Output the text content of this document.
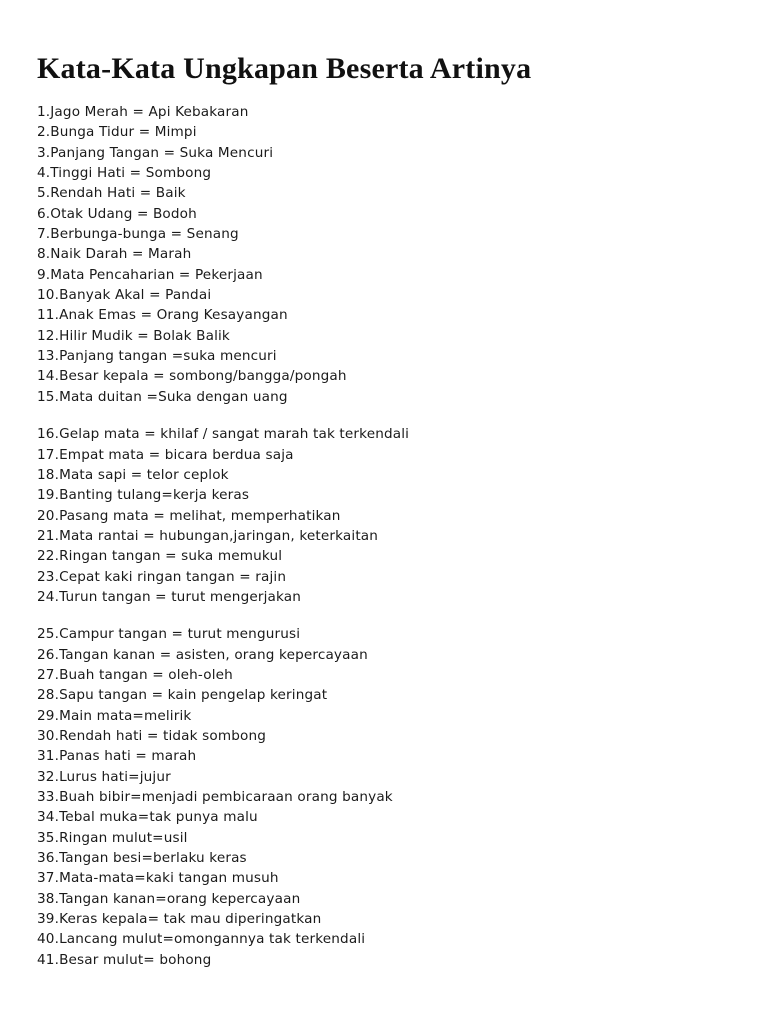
Kata-Kata Ungkapan Beserta Artinya
1.Jago Merah = Api Kebakaran
2.Bunga Tidur = Mimpi
3.Panjang Tangan = Suka Mencuri
4.Tinggi Hati = Sombong
5.Rendah Hati = Baik
6.Otak Udang = Bodoh
7.Berbunga-bunga = Senang
8.Naik Darah = Marah
9.Mata Pencaharian = Pekerjaan
10.Banyak Akal = Pandai
11.Anak Emas = Orang Kesayangan
12.Hilir Mudik = Bolak Balik
13.Panjang tangan =suka mencuri
14.Besar kepala = sombong/bangga/pongah
15.Mata duitan =Suka dengan uang
16.Gelap mata = khilaf / sangat marah tak terkendali
17.Empat mata = bicara berdua saja
18.Mata sapi = telor ceplok
19.Banting tulang=kerja keras
20.Pasang mata = melihat, memperhatikan
21.Mata rantai = hubungan,jaringan, keterkaitan
22.Ringan tangan = suka memukul
23.Cepat kaki ringan tangan = rajin
24.Turun tangan = turut mengerjakan
25.Campur tangan = turut mengurusi
26.Tangan kanan = asisten, orang kepercayaan
27.Buah tangan = oleh-oleh
28.Sapu tangan = kain pengelap keringat
29.Main mata=melirik
30.Rendah hati = tidak sombong
31.Panas hati = marah
32.Lurus hati=jujur
33.Buah bibir=menjadi pembicaraan orang banyak
34.Tebal muka=tak punya malu
35.Ringan mulut=usil
36.Tangan besi=berlaku keras
37.Mata-mata=kaki tangan musuh
38.Tangan kanan=orang kepercayaan
39.Keras kepala= tak mau diperingatkan
40.Lancang mulut=omongannya tak terkendali
41.Besar mulut= bohong
